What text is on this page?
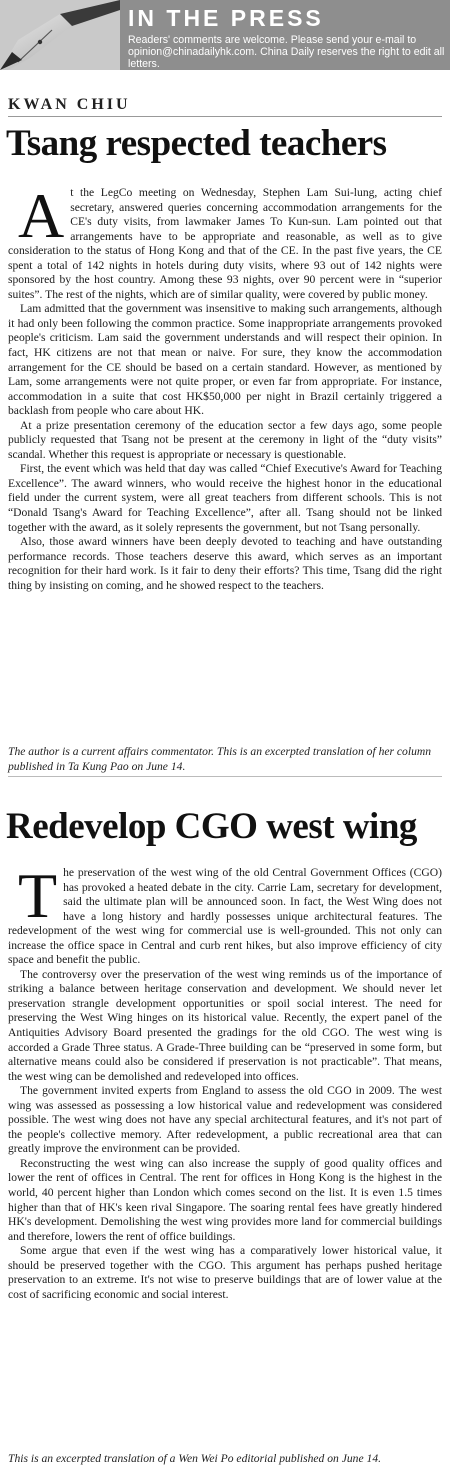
IN THE PRESS
Readers' comments are welcome. Please send your e-mail to opinion@chinadailyhk.com. China Daily reserves the right to edit all letters.
KWAN CHIU
Tsang respected teachers

At the LegCo meeting on Wednesday, Stephen Lam Sui-lung, acting chief secretary, answered queries concerning accommodation arrangements for the CE's duty visits, from lawmaker James To Kun-sun. Lam pointed out that arrangements have to be appropriate and reasonable, as well as to give consideration to the status of Hong Kong and that of the CE. In the past five years, the CE spent a total of 142 nights in hotels during duty visits, where 93 out of 142 nights were sponsored by the host country. Among these 93 nights, over 90 percent were in “superior suites”. The rest of the nights, which are of similar quality, were covered by public money.

Lam admitted that the government was insensitive to making such arrangements, although it had only been following the common practice. Some inappropriate arrangements provoked people's criticism. Lam said the government understands and will respect their opinion. In fact, HK citizens are not that mean or naive. For sure, they know the accommodation arrangement for the CE should be based on a certain standard. However, as mentioned by Lam, some arrangements were not quite proper, or even far from appropriate. For instance, accommodation in a suite that cost HK$50,000 per night in Brazil certainly triggered a backlash from people who care about HK.

At a prize presentation ceremony of the education sector a few days ago, some people publicly requested that Tsang not be present at the ceremony in light of the “duty visits” scandal. Whether this request is appropriate or necessary is questionable.

First, the event which was held that day was called “Chief Executive's Award for Teaching Excellence”. The award winners, who would receive the highest honor in the educational field under the current system, were all great teachers from different schools. This is not “Donald Tsang's Award for Teaching Excellence”, after all. Tsang should not be linked together with the award, as it solely represents the government, but not Tsang personally.

Also, those award winners have been deeply devoted to teaching and have outstanding performance records. Those teachers deserve this award, which serves as an important recognition for their hard work. Is it fair to deny their efforts? This time, Tsang did the right thing by insisting on coming, and he showed respect to the teachers.

The author is a current affairs commentator. This is an excerpted translation of her column published in Ta Kung Pao on June 14.
Redevelop CGO west wing

The preservation of the west wing of the old Central Government Offices (CGO) has provoked a heated debate in the city. Carrie Lam, secretary for development, said the ultimate plan will be announced soon. In fact, the West Wing does not have a long history and hardly possesses unique architectural features. The redevelopment of the west wing for commercial use is well-grounded. This not only can increase the office space in Central and curb rent hikes, but also improve efficiency of city space and benefit the public.

The controversy over the preservation of the west wing reminds us of the importance of striking a balance between heritage conservation and development. We should never let preservation strangle development opportunities or spoil social interest. The need for preserving the West Wing hinges on its historical value. Recently, the expert panel of the Antiquities Advisory Board presented the gradings for the old CGO. The west wing is accorded a Grade Three status. A Grade-Three building can be “preserved in some form, but alternative means could also be considered if preservation is not practicable”. That means, the west wing can be demolished and redeveloped into offices.

The government invited experts from England to assess the old CGO in 2009. The west wing was assessed as possessing a low historical value and redevelopment was considered possible. The west wing does not have any special architectural features, and it's not part of the people's collective memory. After redevelopment, a public recreational area that can greatly improve the environment can be provided.

Reconstructing the west wing can also increase the supply of good quality offices and lower the rent of offices in Central. The rent for offices in Hong Kong is the highest in the world, 40 percent higher than London which comes second on the list. It is even 1.5 times higher than that of HK's keen rival Singapore. The soaring rental fees have greatly hindered HK's development. Demolishing the west wing provides more land for commercial buildings and therefore, lowers the rent of office buildings.

Some argue that even if the west wing has a comparatively lower historical value, it should be preserved together with the CGO. This argument has perhaps pushed heritage preservation to an extreme. It's not wise to preserve buildings that are of lower value at the cost of sacrificing economic and social interest.

This is an excerpted translation of a Wen Wei Po editorial published on June 14.
